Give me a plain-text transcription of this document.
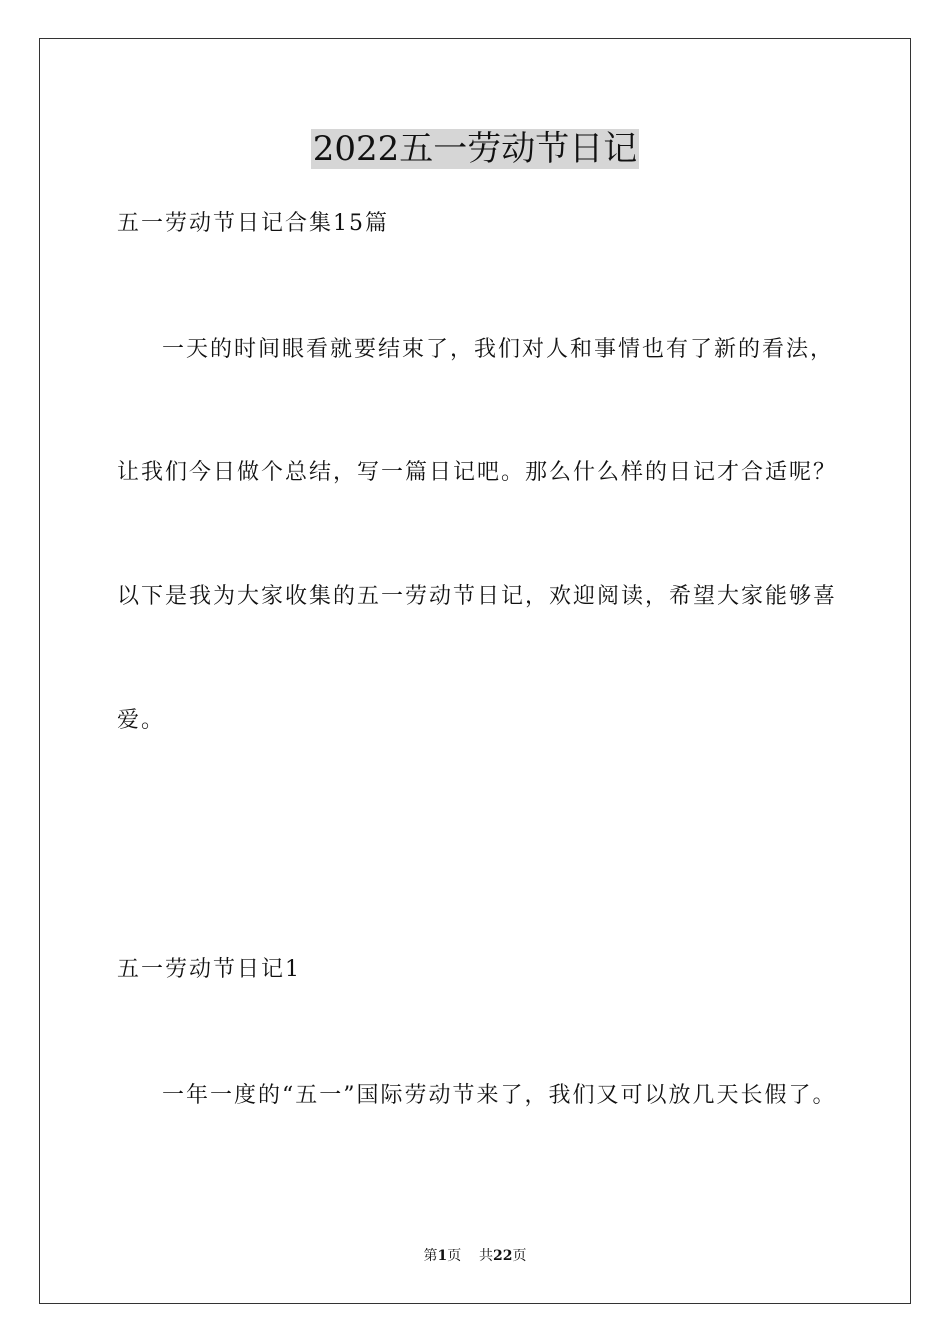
2022五一劳动节日记
五一劳动节日记合集15篇
一天的时间眼看就要结束了，我们对人和事情也有了新的看法，
让我们今日做个总结，写一篇日记吧。那么什么样的日记才合适呢？
以下是我为大家收集的五一劳动节日记，欢迎阅读，希望大家能够喜
爱。
五一劳动节日记1
一年一度的“五一”国际劳动节来了，我们又可以放几天长假了。
第1页 共22页
